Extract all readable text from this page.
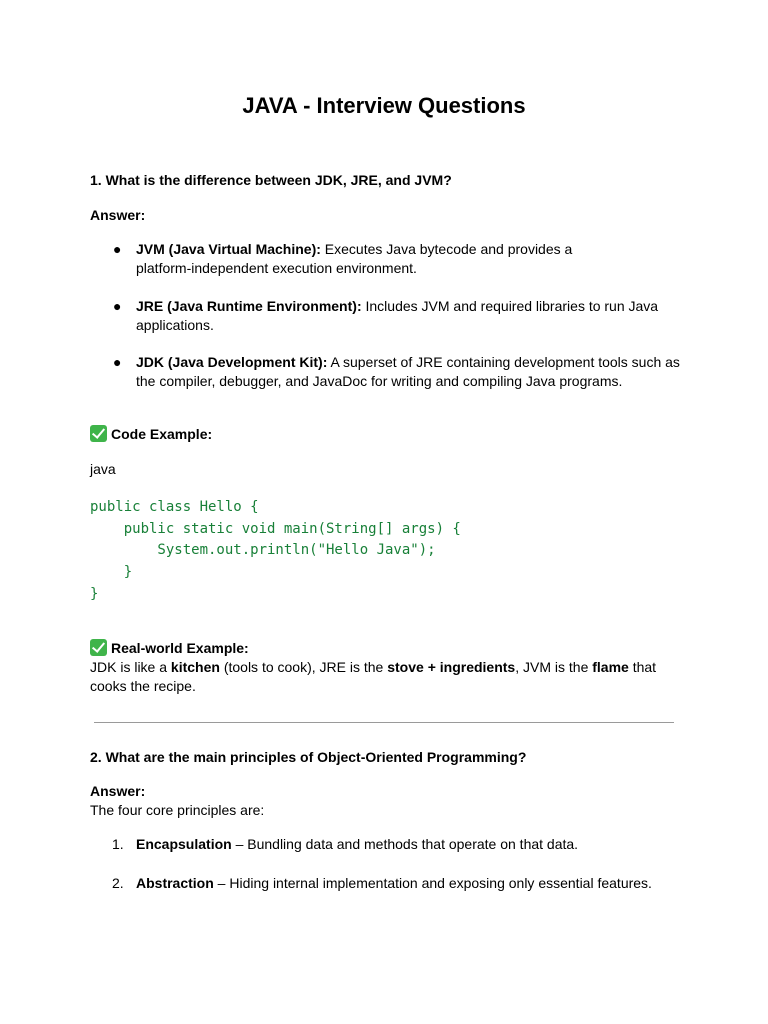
JAVA - Interview Questions
1. What is the difference between JDK, JRE, and JVM?
Answer:
● JVM (Java Virtual Machine): Executes Java bytecode and provides a
platform-independent execution environment.
● JRE (Java Runtime Environment): Includes JVM and required libraries to run Java
applications.
● JDK (Java Development Kit): A superset of JRE containing development tools such as
the compiler, debugger, and JavaDoc for writing and compiling Java programs.
Code Example:
java
public class Hello {
public static void main(String[] args) {
System.out.println("Hello Java");
}
}
Real-world Example:
JDK is like a kitchen (tools to cook), JRE is the stove + ingredients, JVM is the flame that
cooks the recipe.
2. What are the main principles of Object-Oriented Programming?
Answer:
The four core principles are:
1. Encapsulation – Bundling data and methods that operate on that data.
2. Abstraction – Hiding internal implementation and exposing only essential features.
